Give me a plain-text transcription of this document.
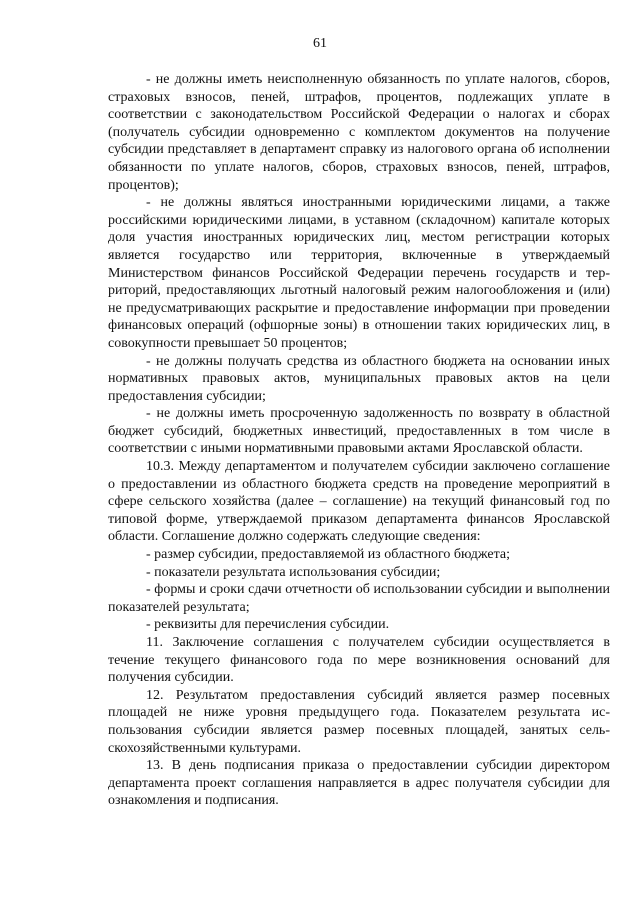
61

- не должны иметь неисполненную обязанность по уплате налогов, сборов, страховых взносов, пеней, штрафов, процентов, подлежащих уплате в соответствии с законодательством Российской Федерации о налогах и сборах (получатель субсидии одновременно с комплектом документов на получение субсидии представляет в департамент справку из налогового органа об исполнении обязанности по уплате налогов, сборов, страховых взносов, пеней, штрафов, процентов);

- не должны являться иностранными юридическими лицами, а также российскими юридическими лицами, в уставном (складочном) капитале которых доля участия иностранных юридических лиц, местом регистрации которых является государство или территория, включенные в утверждаемый Министерством финансов Российской Федерации перечень государств и территорий, предоставляющих льготный налоговый режим налогообложения и (или) не предусматривающих раскрытие и предоставление информации при проведении финансовых операций (офшорные зоны) в отношении таких юридических лиц, в совокупности превышает 50 процентов;

- не должны получать средства из областного бюджета на основании иных нормативных правовых актов, муниципальных правовых актов на цели предоставления субсидии;

- не должны иметь просроченную задолженность по возврату в областной бюджет субсидий, бюджетных инвестиций, предоставленных в том числе в соответствии с иными нормативными правовыми актами Ярославской области.

10.3. Между департаментом и получателем субсидии заключено соглашение о предоставлении из областного бюджета средств на проведение мероприятий в сфере сельского хозяйства (далее – соглашение) на текущий финансовый год по типовой форме, утверждаемой приказом департамента финансов Ярославской области. Соглашение должно содержать следующие сведения:

- размер субсидии, предоставляемой из областного бюджета;

- показатели результата использования субсидии;

- формы и сроки сдачи отчетности об использовании субсидии и выполнении показателей результата;

- реквизиты для перечисления субсидии.

11. Заключение соглашения с получателем субсидии осуществляется в течение текущего финансового года по мере возникновения оснований для получения субсидии.

12. Результатом предоставления субсидий является размер посевных площадей не ниже уровня предыдущего года. Показателем результата использования субсидии является размер посевных площадей, занятых сельскохозяйственными культурами.

13. В день подписания приказа о предоставлении субсидии директором департамента проект соглашения направляется в адрес получателя субсидии для ознакомления и подписания.
